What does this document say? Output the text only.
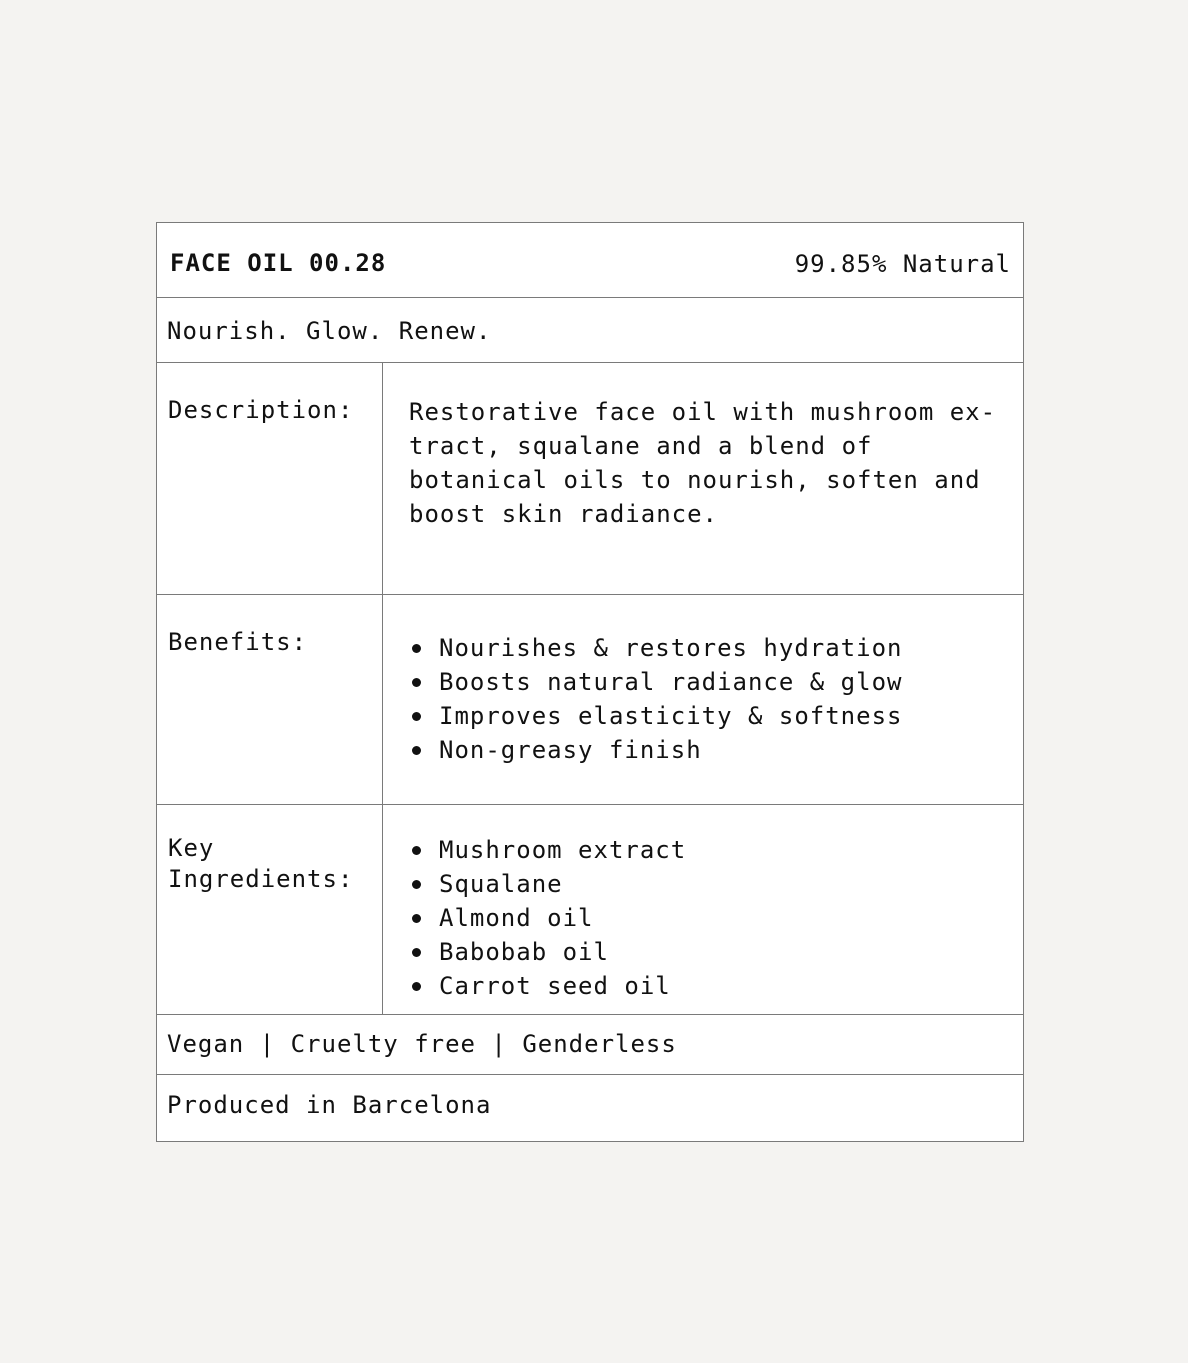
FACE OIL 00.28	99.85% Natural
Nourish. Glow. Renew.
Description:	Restorative face oil with mushroom ex-tract, squalane and a blend of botanical oils to nourish, soften and boost skin radiance.

Benefits:	Nourishes & restores hydration
Boosts natural radiance & glow
Improves elasticity & softness
Non-greasy finish
Key Ingredients:
Mushroom extract
Squalane
Almond oil
Babobab oil
Carrot seed oil
Vegan | Cruelty free | Genderless
Produced in Barcelona
